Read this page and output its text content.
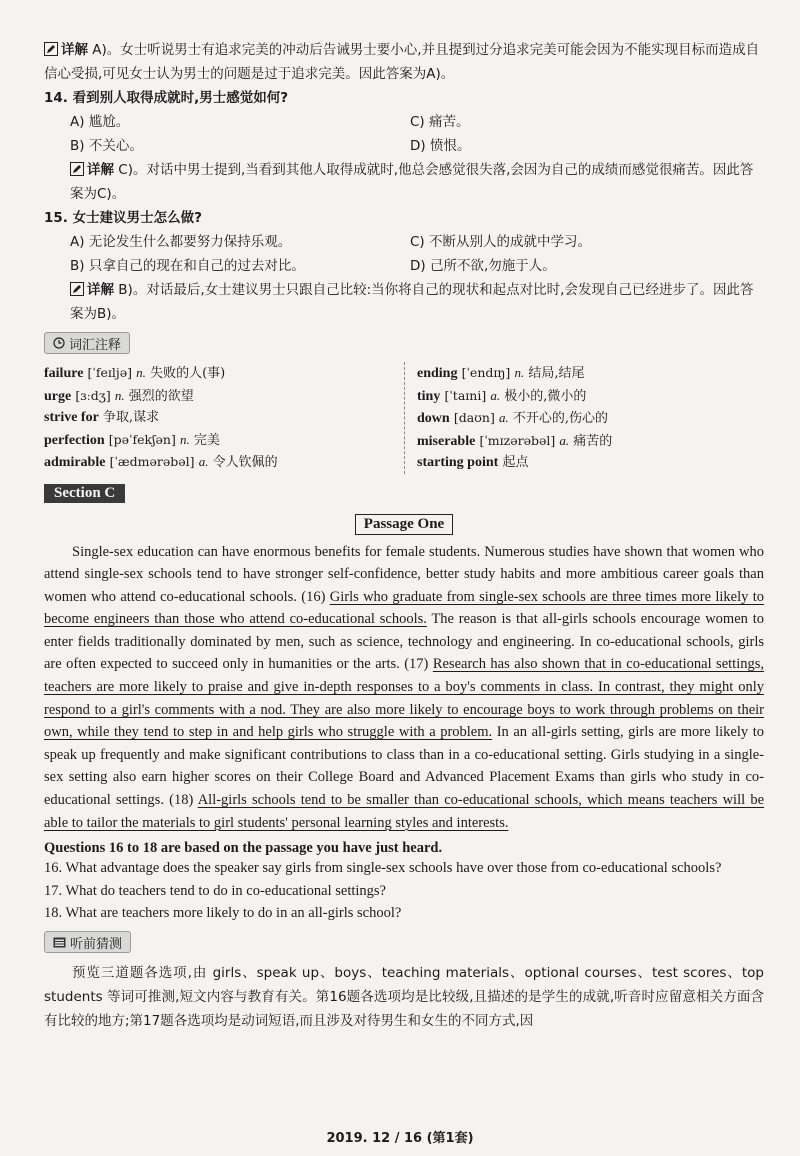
详解 A)。女士听说男士有追求完美的冲动后告诫男士要小心,并且提到过分追求完美可能会因为不能实现目标而造成自信心受损,可见女士认为男士的问题是过于追求完美。因此答案为A)。
14. 看到别人取得成就时,男士感觉如何?
A) 尴尬。	C) 痛苦。
B) 不关心。	D) 愤恨。
详解 C)。对话中男士提到,当看到其他人取得成就时,他总会感觉很失落,会因为自己的成绩而感觉很痛苦。因此答案为C)。
15. 女士建议男士怎么做?
A) 无论发生什么都要努力保持乐观。	C) 不断从别人的成就中学习。
B) 只拿自己的现在和自己的过去对比。	D) 己所不欲,勿施于人。
详解 B)。对话最后,女士建议男士只跟自己比较:当你将自己的现状和起点对比时,会发现自己已经进步了。因此答案为B)。
词汇注释
failure [ˈfeɪljə] n. 失败的人(事)
urge [ɜːdʒ] n. 强烈的欲望
strive for 争取,谋求
perfection [pəˈfekʃən] n. 完美
admirable [ˈædmərəbəl] a. 令人钦佩的
ending [ˈendɪŋ] n. 结局,结尾
tiny [ˈtaɪni] a. 极小的,微小的
down [daʊn] a. 不开心的,伤心的
miserable [ˈmɪzərəbəl] a. 痛苦的
starting point 起点
Section C
Passage One
Single-sex education can have enormous benefits for female students. Numerous studies have shown that women who attend single-sex schools tend to have stronger self-confidence, better study habits and more ambitious career goals than women who attend co-educational schools. (16) Girls who graduate from single-sex schools are three times more likely to become engineers than those who attend co-educational schools. The reason is that all-girls schools encourage women to enter fields traditionally dominated by men, such as science, technology and engineering. In co-educational schools, girls are often expected to succeed only in humanities or the arts. (17) Research has also shown that in co-educational settings, teachers are more likely to praise and give in-depth responses to a boy's comments in class. In contrast, they might only respond to a girl's comments with a nod. They are also more likely to encourage boys to work through problems on their own, while they tend to step in and help girls who struggle with a problem. In an all-girls setting, girls are more likely to speak up frequently and make significant contributions to class than in a co-educational setting. Girls studying in a single-sex setting also earn higher scores on their College Board and Advanced Placement Exams than girls who study in co-educational settings. (18) All-girls schools tend to be smaller than co-educational schools, which means teachers will be able to tailor the materials to girl students' personal learning styles and interests.
Questions 16 to 18 are based on the passage you have just heard.
16. What advantage does the speaker say girls from single-sex schools have over those from co-educational schools?
17. What do teachers tend to do in co-educational settings?
18. What are teachers more likely to do in an all-girls school?
听前猜测
预览三道题各选项,由 girls、speak up、boys、teaching materials、optional courses、test scores、top students 等词可推测,短文内容与教育有关。第16题各选项均是比较级,且描述的是学生的成就,听音时应留意相关方面含有比较的地方;第17题各选项均是动词短语,而且涉及对待男生和女生的不同方式,因
2019. 12 / 16 (第1套)
